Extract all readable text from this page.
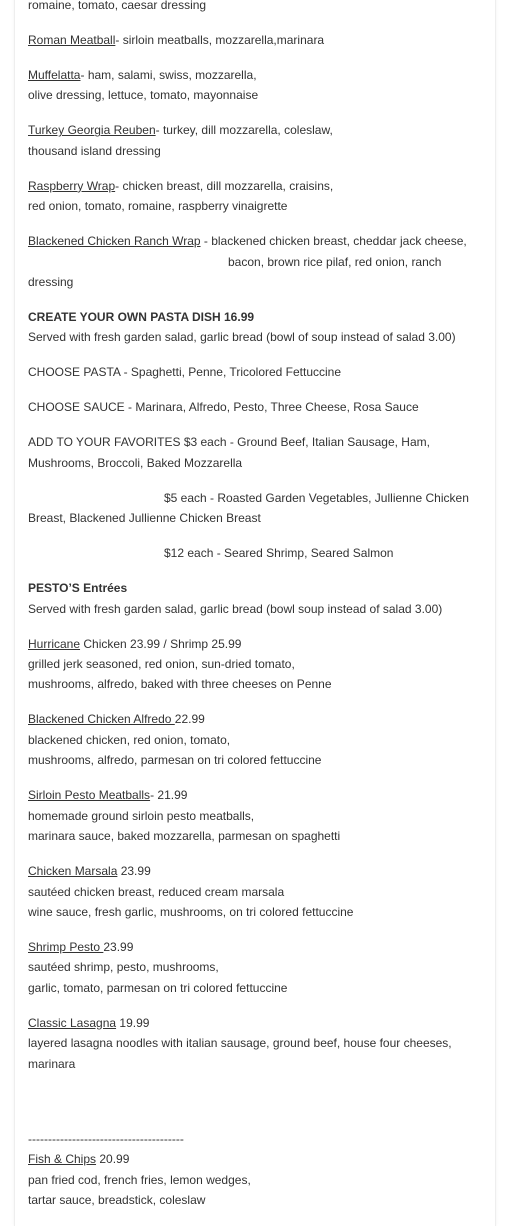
romaine, tomato, caesar dressing
Roman Meatball- sirloin meatballs, mozzarella,marinara
Muffelatta- ham, salami, swiss, mozzarella,
olive dressing, lettuce, tomato, mayonnaise
Turkey Georgia Reuben- turkey, dill mozzarella, coleslaw,
thousand island dressing
Raspberry Wrap- chicken breast, dill mozzarella, craisins,
red onion, tomato, romaine, raspberry vinaigrette
Blackened Chicken Ranch Wrap - blackened chicken breast, cheddar jack cheese,
bacon, brown rice pilaf, red onion, ranch
dressing
CREATE YOUR OWN PASTA DISH 16.99
Served with fresh garden salad, garlic bread (bowl of soup instead of salad 3.00)
CHOOSE PASTA - Spaghetti, Penne, Tricolored Fettuccine
CHOOSE SAUCE - Marinara, Alfredo, Pesto, Three Cheese, Rosa Sauce
ADD TO YOUR FAVORITES $3 each - Ground Beef, Italian Sausage, Ham,
Mushrooms, Broccoli, Baked Mozzarella
$5 each - Roasted Garden Vegetables, Jullienne Chicken
Breast, Blackened Jullienne Chicken Breast
$12 each - Seared Shrimp, Seared Salmon
PESTO’S Entrées
Served with fresh garden salad, garlic bread (bowl soup instead of salad 3.00)
Hurricane Chicken 23.99 / Shrimp 25.99
grilled jerk seasoned, red onion, sun-dried tomato,
mushrooms, alfredo, baked with three cheeses on Penne
Blackened Chicken Alfredo 22.99
blackened chicken, red onion, tomato,
mushrooms, alfredo, parmesan on tri colored fettuccine
Sirloin Pesto Meatballs- 21.99
homemade ground sirloin pesto meatballs,
marinara sauce, baked mozzarella, parmesan on spaghetti
Chicken Marsala 23.99
sautéed chicken breast, reduced cream marsala
wine sauce, fresh garlic, mushrooms, on tri colored fettuccine
Shrimp Pesto 23.99
sautéed shrimp, pesto, mushrooms,
garlic, tomato, parmesan on tri colored fettuccine
Classic Lasagna 19.99
layered lasagna noodles with italian sausage, ground beef, house four cheeses,
marinara
---------------------------------------
Fish & Chips 20.99
pan fried cod, french fries, lemon wedges,
tartar sauce, breadstick, coleslaw
